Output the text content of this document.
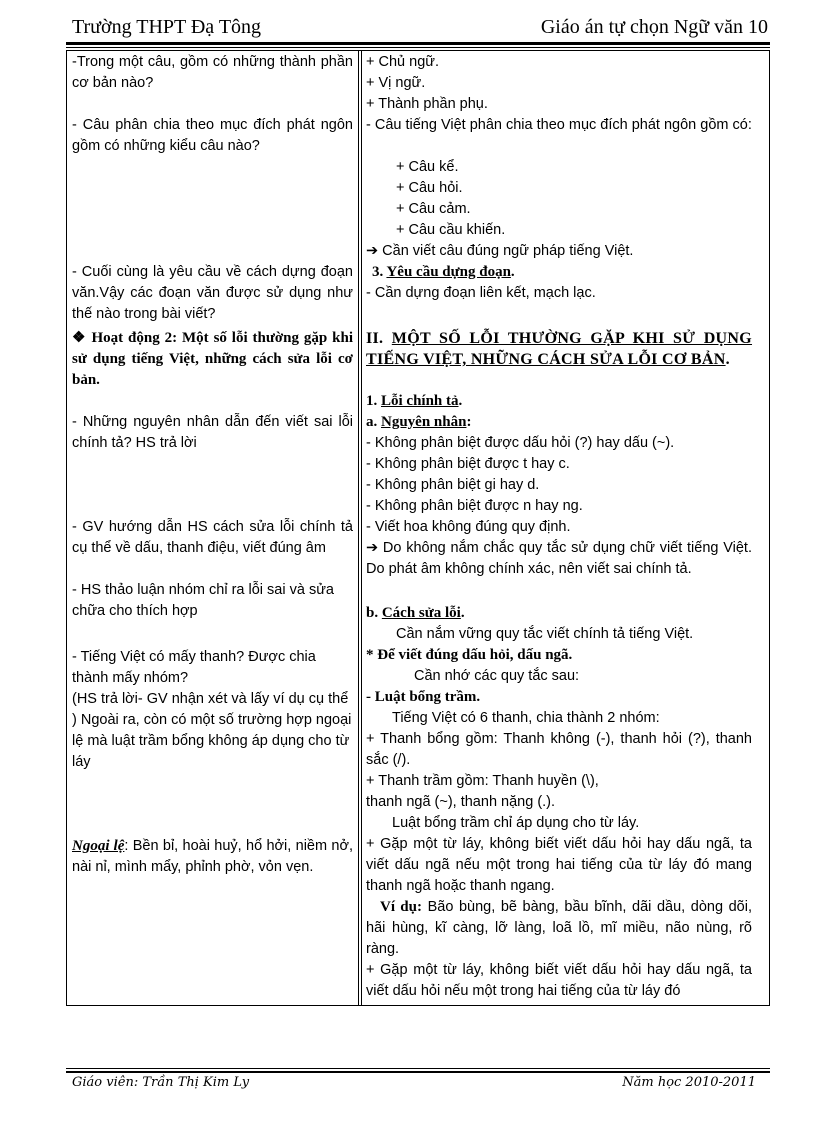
Trường THPT Đạ Tông	Giáo án tự chọn Ngữ văn 10
-Trong một câu, gồm có những thành phần cơ bản nào?
- Câu phân chia theo mục đích phát ngôn gồm có những kiểu câu nào?
- Cuối cùng là yêu cầu về cách dựng đoạn văn.Vậy các đoạn văn được sử dụng như thế nào trong bài viết?
❖ Hoạt động 2: Một số lỗi thường gặp khi sử dụng tiếng Việt, những cách sửa lỗi cơ bản.
- Những nguyên nhân dẫn đến viết sai lỗi chính tả? HS trả lời
- GV hướng dẫn HS cách sửa lỗi chính tả cụ thể về dấu, thanh điệu, viết đúng âm
- HS thảo luận nhóm chỉ ra lỗi sai và sửa chữa cho thích hợp
- Tiếng Việt có mấy thanh? Được chia thành mấy nhóm?
(HS trả lời- GV nhận xét và lấy ví dụ cụ thể ) Ngoài ra, còn có một số trường hợp ngoại lệ mà luật trầm bổng không áp dụng cho từ láy
Ngoại lệ: Bền bỉ, hoài huỷ, hổ hởi, niềm nở, nài nỉ, mình mẩy, phỉnh phờ, vỏn vẹn.
+ Chủ ngữ.
+ Vị ngữ.
+ Thành phần phụ.
- Câu tiếng Việt phân chia theo mục đích phát ngôn gồm có:
+ Câu kể.
+ Câu hỏi.
+ Câu cảm.
+ Câu cầu khiến.
➔ Cần viết câu đúng ngữ pháp tiếng Việt.
3. Yêu cầu dựng đoạn.
- Cần dựng đoạn liên kết, mạch lạc.
II. MỘT SỐ LỖI THƯỜNG GẶP KHI SỬ DỤNG TIẾNG VIỆT, NHỮNG CÁCH SỬA LỖI CƠ BẢN.
1. Lỗi chính tả.
a. Nguyên nhân:
- Không phân biệt được dấu hỏi (?) hay dấu (~).
- Không phân biệt được t hay c.
- Không phân biệt gi hay d.
- Không phân biệt được n hay ng.
- Viết hoa không đúng quy định.
➔ Do không nắm chắc quy tắc sử dụng chữ viết tiếng Việt. Do phát âm không chính xác, nên viết sai chính tả.
b. Cách sửa lỗi.
Cần nắm vững quy tắc viết chính tả tiếng Việt.
* Để viết đúng dấu hỏi, dấu ngã.
Cần nhớ các quy tắc sau:
- Luật bổng trầm.
Tiếng Việt có 6 thanh, chia thành 2 nhóm:
+ Thanh bổng gồm: Thanh không (-), thanh hỏi (?), thanh sắc (/).
+ Thanh trầm gồm: Thanh huyền (\),
thanh ngã (~), thanh nặng (.).
Luật bổng trầm chỉ áp dụng cho từ láy.
+ Gặp một từ láy, không biết viết dấu hỏi hay dấu ngã, ta viết dấu ngã nếu một trong hai tiếng của từ láy đó mang thanh ngã hoặc thanh ngang.
Ví dụ: Bão bùng, bẽ bàng, bầu bĩnh, dãi dầu, dòng dõi, hãi hùng, kĩ càng, lỡ làng, loã lồ, mĩ miều, não nùng, rõ ràng.
+ Gặp một từ láy, không biết viết dấu hỏi hay dấu ngã, ta viết dấu hỏi nếu một trong hai tiếng của từ láy đó
Giáo viên: Trần Thị Kim Ly	Năm học 2010-2011
